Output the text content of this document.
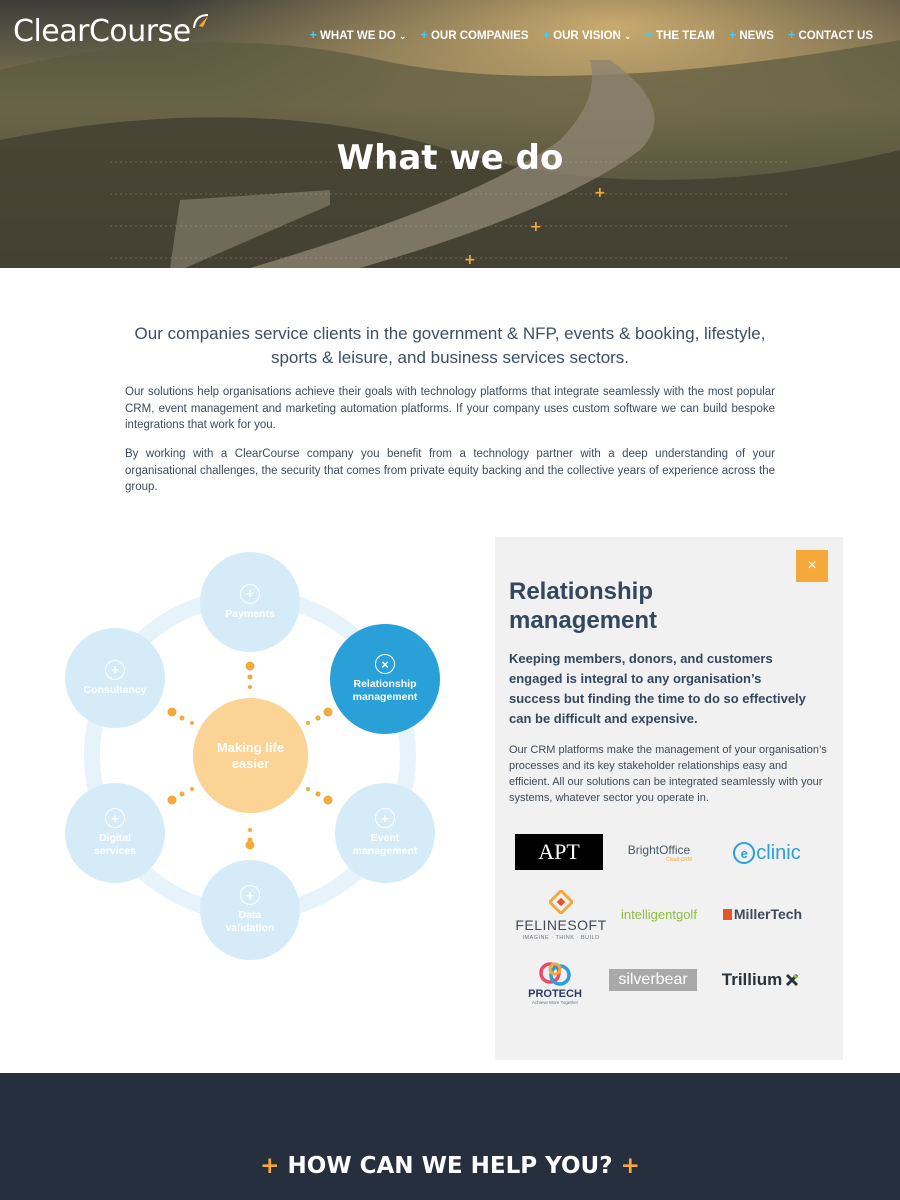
+
+
+
ClearCourse	+ WHAT WE DO ⌄ + OUR COMPANIES + OUR VISION ⌄ + THE TEAM + NEWS + CONTACT US
What we do

Our companies service clients in the government & NFP, events & booking, lifestyle, sports & leisure, and business services sectors.

Our solutions help organisations achieve their goals with technology platforms that integrate seamlessly with the most popular CRM, event management and marketing automation platforms. If your company uses custom software we can build bespoke integrations that work for you.

By working with a ClearCourse company you benefit from a technology partner with a deep understanding of your organisational challenges, the security that comes from private equity backing and the collective years of experience across the group.

Making life
easier
+
Payments
×
Relationship
management
+
Event
management
+
Data
validation
+
Digital
services
+
Consultancy
×
Relationship management

Keeping members, donors, and customers engaged is integral to any organisation’s success but finding the time to do so effectively can be difficult and expensive.

Our CRM platforms make the management of your organisation’s processes and its key stakeholder relationships easy and efficient. All our solutions can be integrated seamlessly with your systems, whatever sector you operate in.

APT	BrightOffice
Cloud CRM	e clinic
FELINESOFT
IMAGINE · THINK · BUILD
intelligentgolf	MillerTech
PROTECH
Achieve More Together
silverbear Trillium
+ HOW CAN WE HELP YOU? +
